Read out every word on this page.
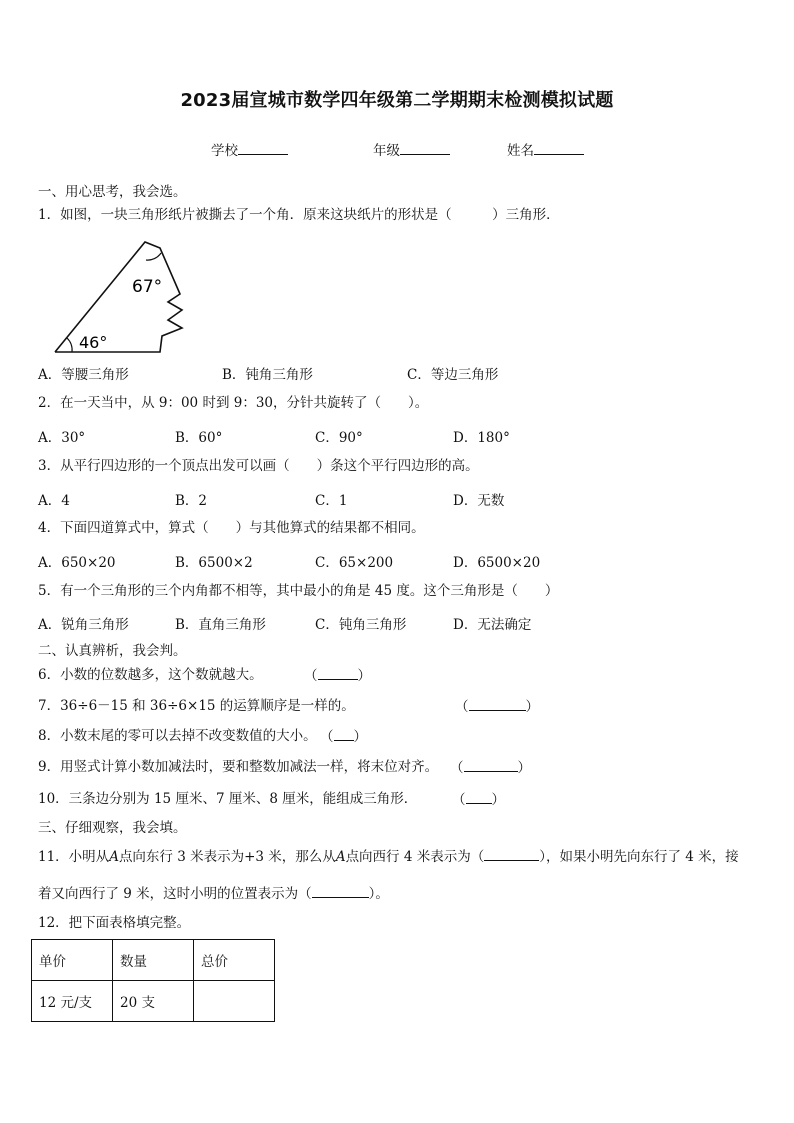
2023届宣城市数学四年级第二学期期末检测模拟试题
学校	年级	姓名
一、用心思考，我会选。
1．如图，一块三角形纸片被撕去了一个角．原来这块纸片的形状是（　　　）三角形．
67°
46°
A．等腰三角形	B．钝角三角形	C．等边三角形
2．在一天当中，从 9：00 时到 9：30，分针共旋转了（　　）。
A．30°	B．60°	C．90°	D．180°
3．从平行四边形的一个顶点出发可以画（　　）条这个平行四边形的高。
A．4	B．2	C．1	D．无数
4．下面四道算式中，算式（　　）与其他算式的结果都不相同。
A．650×20	B．6500×2	C．65×200	D．6500×20
5．有一个三角形的三个内角都不相等，其中最小的角是 45 度。这个三角形是（　　）
A．锐角三角形	B．直角三角形	C．钝角三角形	D．无法确定
二、认真辨析，我会判。
6．小数的位数越多，这个数就越大。	（	）
7．36÷6－15 和 36÷6×15 的运算顺序是一样的。	（	）
8．小数末尾的零可以去掉不改变数值的大小。 （ ）
9．用竖式计算小数加减法时，要和整数加减法一样，将末位对齐。 （	）
10．三条边分别为 15 厘米、7 厘米、8 厘米，能组成三角形．	（ ）
三、仔细观察，我会填。
11．小明从A点向东行 3 米表示为+3 米，那么从A点向西行 4 米表示为（	），如果小明先向东行了 4 米，接
着又向西行了 9 米，这时小明的位置表示为（	）。
12．把下面表格填完整。
单价	数量	总价
12 元/支	20 支	
